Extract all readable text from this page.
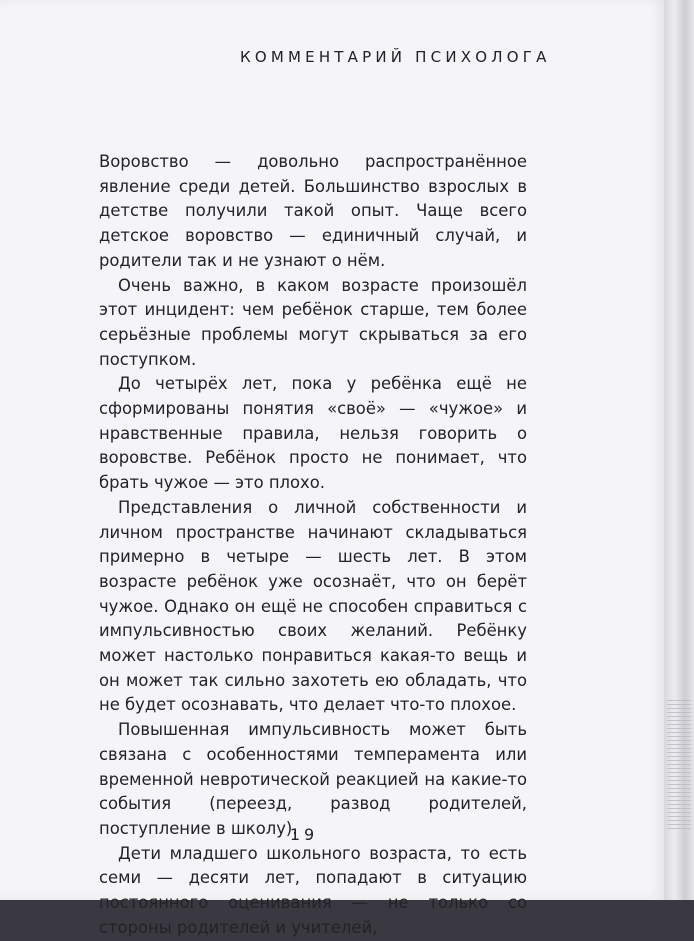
КОММЕНТАРИЙ ПСИХОЛОГА

Воровство — довольно распространённое явление среди детей. Большинство взрослых в детстве получили такой опыт. Чаще всего детское воровство — единичный случай, и родители так и не узнают о нём.

Очень важно, в каком возрасте произошёл этот инцидент: чем ребёнок старше, тем более серьёзные проблемы могут скрываться за его поступком.

До четырёх лет, пока у ребёнка ещё не сформированы понятия «своё» — «чужое» и нравственные правила, нельзя говорить о воровстве. Ребёнок просто не понимает, что брать чужое — это плохо.

Представления о личной собственности и личном пространстве начинают складываться примерно в четыре — шесть лет. В этом возрасте ребёнок уже осознаёт, что он берёт чужое. Однако он ещё не способен справиться с импульсивностью своих желаний. Ребёнку может настолько понравиться какая-то вещь и он может так сильно захотеть ею обладать, что не будет осознавать, что делает что-то плохое.

Повышенная импульсивность может быть связана с особенностями темперамента или временной невротической реакцией на какие-то события (переезд, развод родителей, поступление в школу).

Дети младшего школьного возраста, то есть семи — десяти лет, попадают в ситуацию постоянного оценивания — не только со стороны родителей и учителей,

19
